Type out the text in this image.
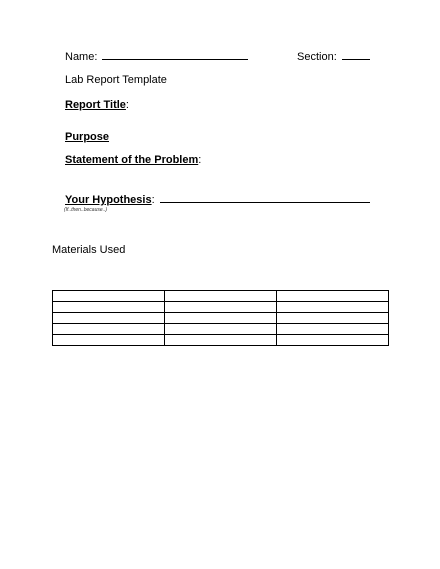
Name:	Section:
Lab Report Template
Report Title:
Purpose
Statement of the Problem:
Your Hypothesis:
(If..then..because..)
Materials Used
